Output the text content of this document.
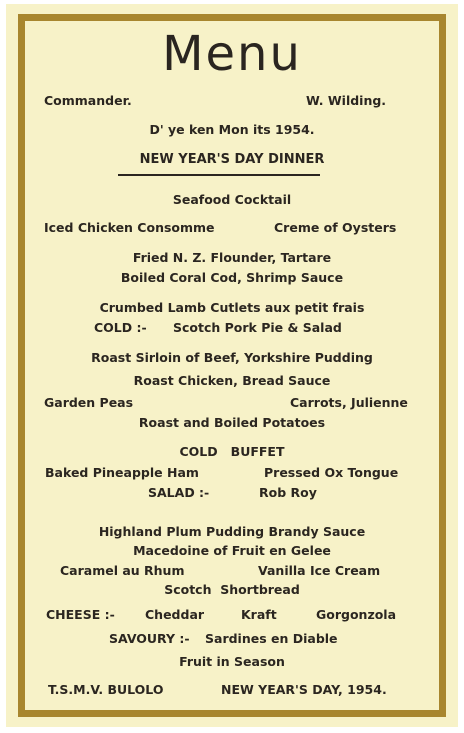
Menu
Commander.	W. Wilding.
D' ye ken Mon its 1954.
NEW YEAR'S DAY DINNER
Seafood Cocktail
Iced Chicken Consomme	Creme of Oysters
Fried N. Z. Flounder, Tartare
Boiled Coral Cod, Shrimp Sauce
Crumbed Lamb Cutlets aux petit frais
COLD :- Scotch Pork Pie & Salad
Roast Sirloin of Beef, Yorkshire Pudding
Roast Chicken, Bread Sauce
Garden Peas	Carrots, Julienne
Roast and Boiled Potatoes
COLD   BUFFET
Baked Pineapple Ham	Pressed Ox Tongue
SALAD :-	Rob Roy
Highland Plum Pudding Brandy Sauce
Macedoine of Fruit en Gelee
Caramel au Rhum	Vanilla Ice Cream
Scotch  Shortbread
CHEESE :- Cheddar	Kraft	Gorgonzola
SAVOURY :- Sardines en Diable
Fruit in Season
T.S.M.V. BULOLO	NEW YEAR'S DAY, 1954.
